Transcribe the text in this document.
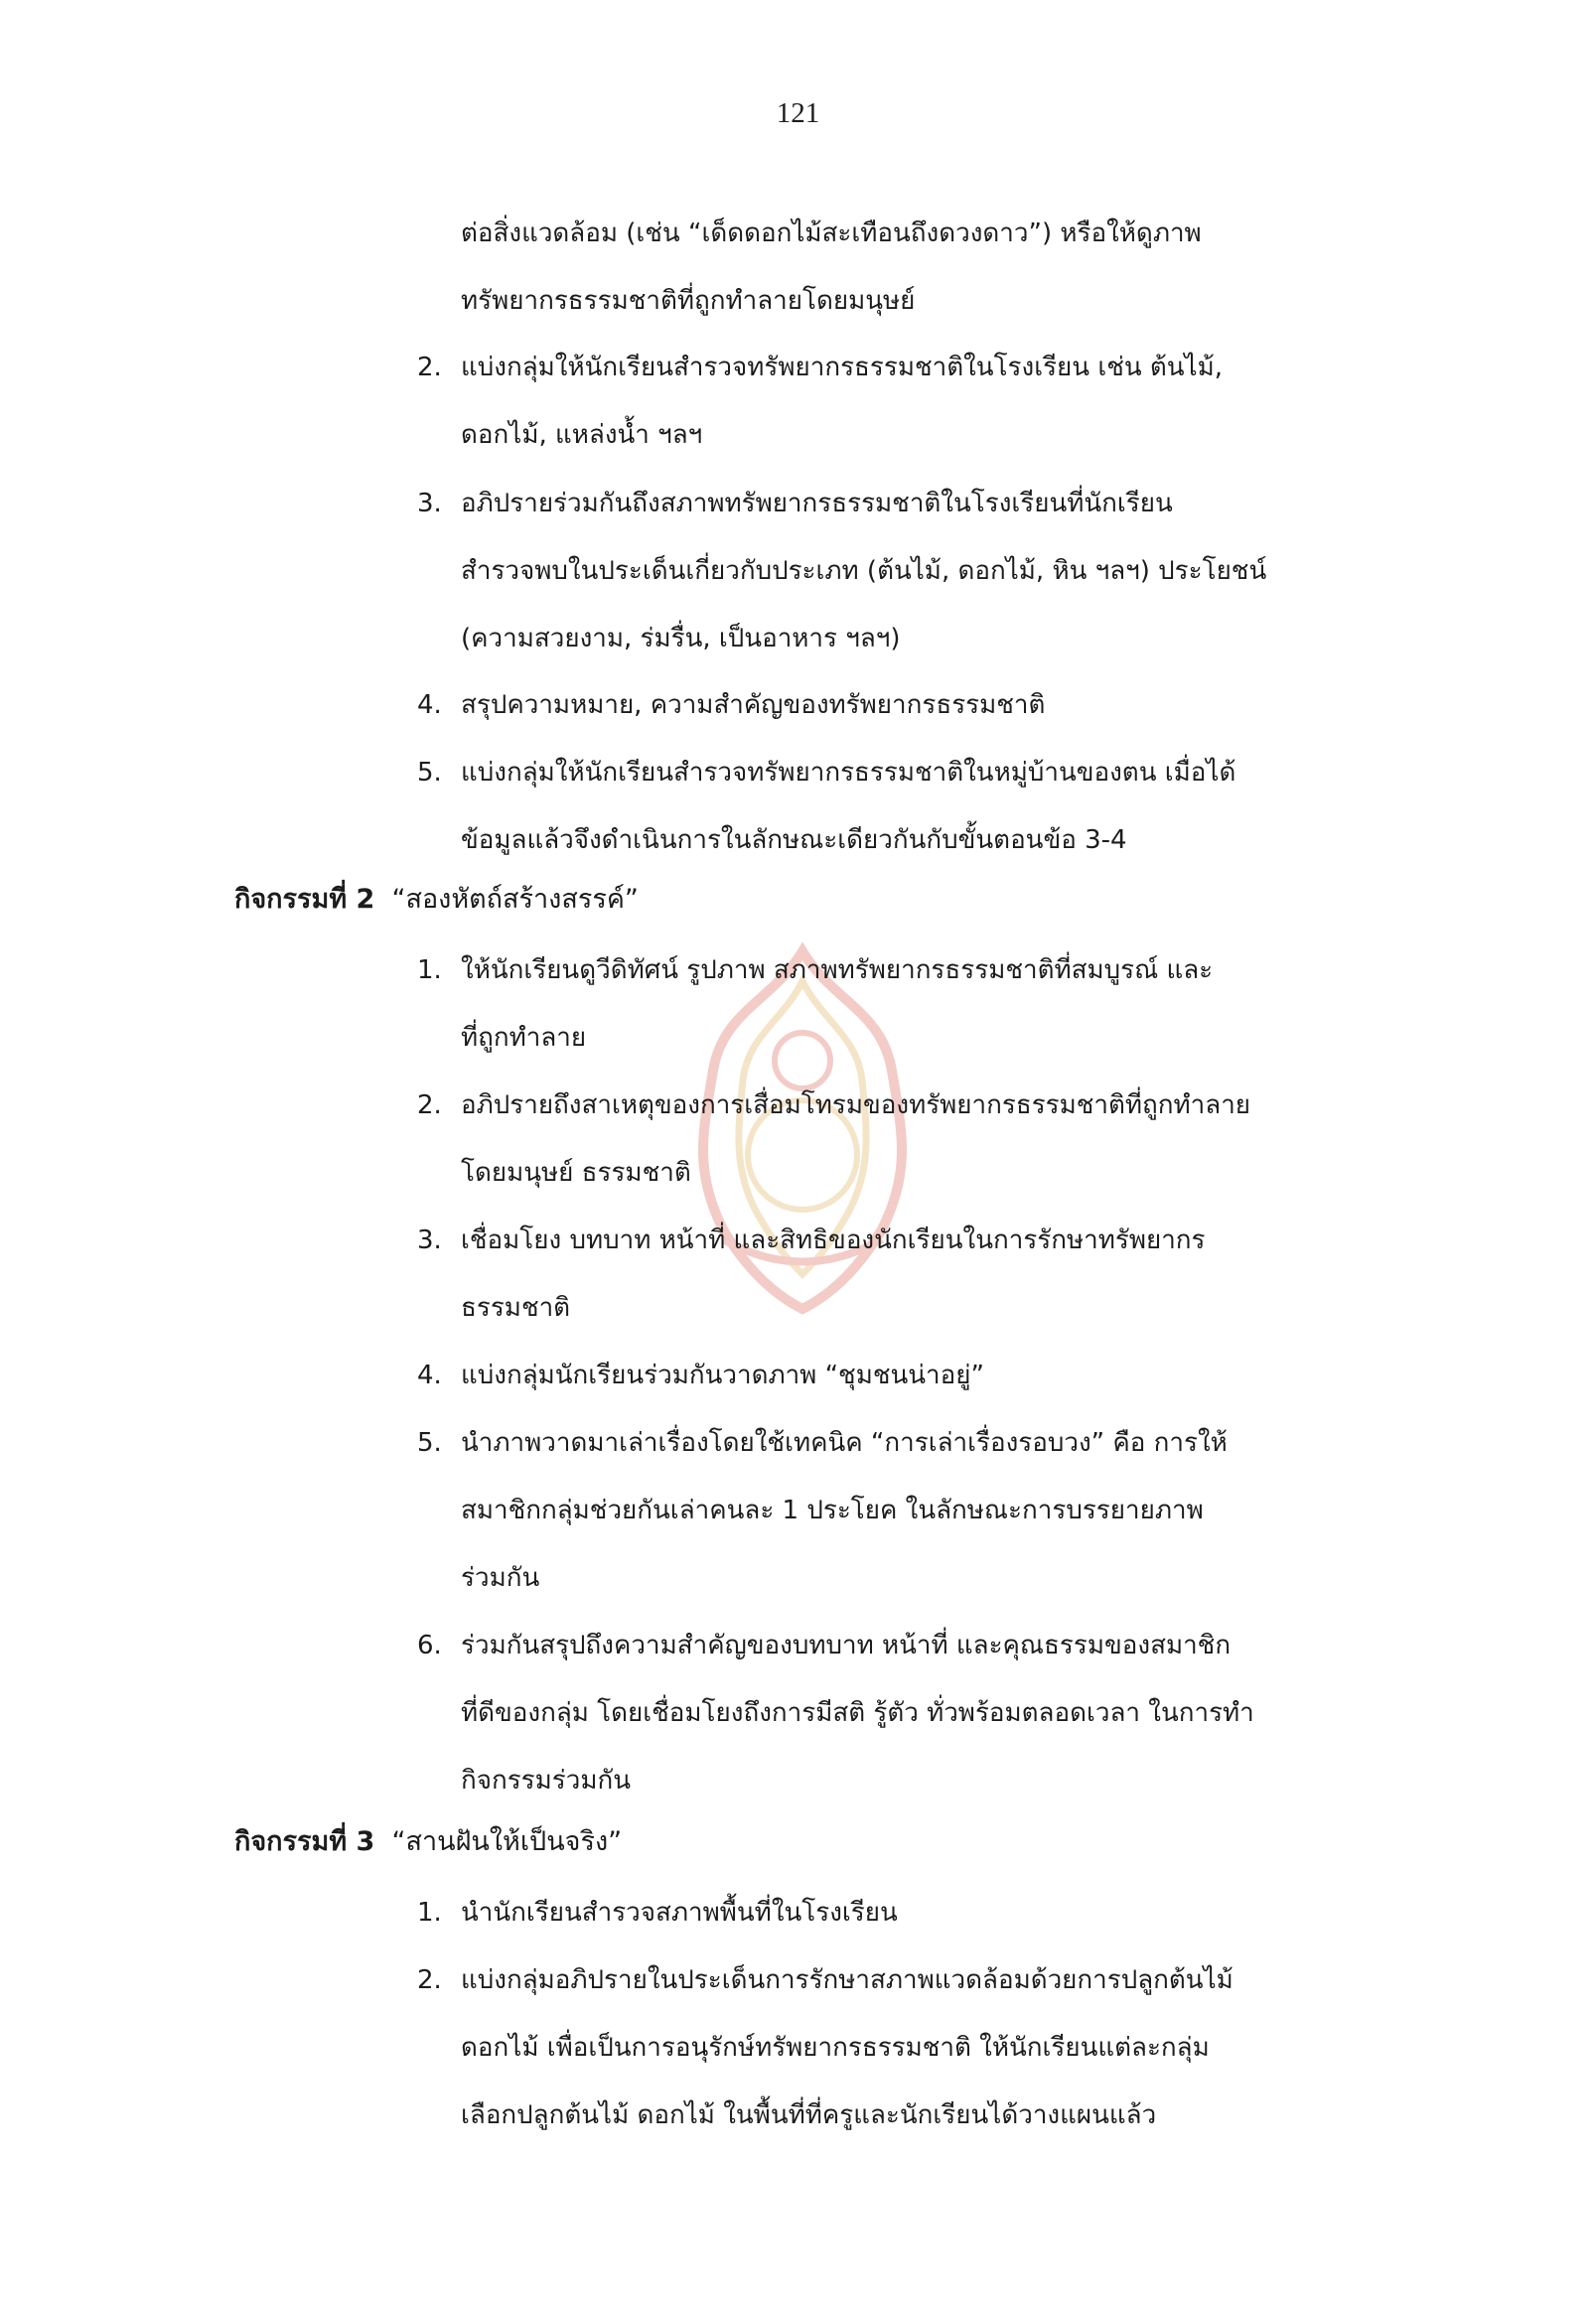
121
ต่อสิ่งแวดล้อม (เช่น “เด็ดดอกไม้สะเทือนถึงดวงดาว”) หรือให้ดูภาพ
ทรัพยากรธรรมชาติที่ถูกทำลายโดยมนุษย์
2. แบ่งกลุ่มให้นักเรียนสำรวจทรัพยากรธรรมชาติในโรงเรียน เช่น ต้นไม้,
ดอกไม้, แหล่งน้ำ ฯลฯ
3. อภิปรายร่วมกันถึงสภาพทรัพยากรธรรมชาติในโรงเรียนที่นักเรียน
สำรวจพบในประเด็นเกี่ยวกับประเภท (ต้นไม้, ดอกไม้, หิน ฯลฯ) ประโยชน์
(ความสวยงาม, ร่มรื่น, เป็นอาหาร ฯลฯ)
4. สรุปความหมาย, ความสำคัญของทรัพยากรธรรมชาติ
5. แบ่งกลุ่มให้นักเรียนสำรวจทรัพยากรธรรมชาติในหมู่บ้านของตน เมื่อได้
ข้อมูลแล้วจึงดำเนินการในลักษณะเดียวกันกับขั้นตอนข้อ 3-4
กิจกรรมที่ 2 “สองหัตถ์สร้างสรรค์”
1. ให้นักเรียนดูวีดิทัศน์ รูปภาพ สภาพทรัพยากรธรรมชาติที่สมบูรณ์ และ
ที่ถูกทำลาย
2. อภิปรายถึงสาเหตุของการเสื่อมโทรมของทรัพยากรธรรมชาติที่ถูกทำลาย
โดยมนุษย์ ธรรมชาติ
3. เชื่อมโยง บทบาท หน้าที่ และสิทธิของนักเรียนในการรักษาทรัพยากร
ธรรมชาติ
4. แบ่งกลุ่มนักเรียนร่วมกันวาดภาพ “ชุมชนน่าอยู่”
5. นำภาพวาดมาเล่าเรื่องโดยใช้เทคนิค “การเล่าเรื่องรอบวง” คือ การให้
สมาชิกกลุ่มช่วยกันเล่าคนละ 1 ประโยค ในลักษณะการบรรยายภาพ
ร่วมกัน
6. ร่วมกันสรุปถึงความสำคัญของบทบาท หน้าที่ และคุณธรรมของสมาชิก
ที่ดีของกลุ่ม โดยเชื่อมโยงถึงการมีสติ รู้ตัว ทั่วพร้อมตลอดเวลา ในการทำ
กิจกรรมร่วมกัน
กิจกรรมที่ 3 “สานฝันให้เป็นจริง”
1. นำนักเรียนสำรวจสภาพพื้นที่ในโรงเรียน
2. แบ่งกลุ่มอภิปรายในประเด็นการรักษาสภาพแวดล้อมด้วยการปลูกต้นไม้
ดอกไม้ เพื่อเป็นการอนุรักษ์ทรัพยากรธรรมชาติ ให้นักเรียนแต่ละกลุ่ม
เลือกปลูกต้นไม้ ดอกไม้ ในพื้นที่ที่ครูและนักเรียนได้วางแผนแล้ว
